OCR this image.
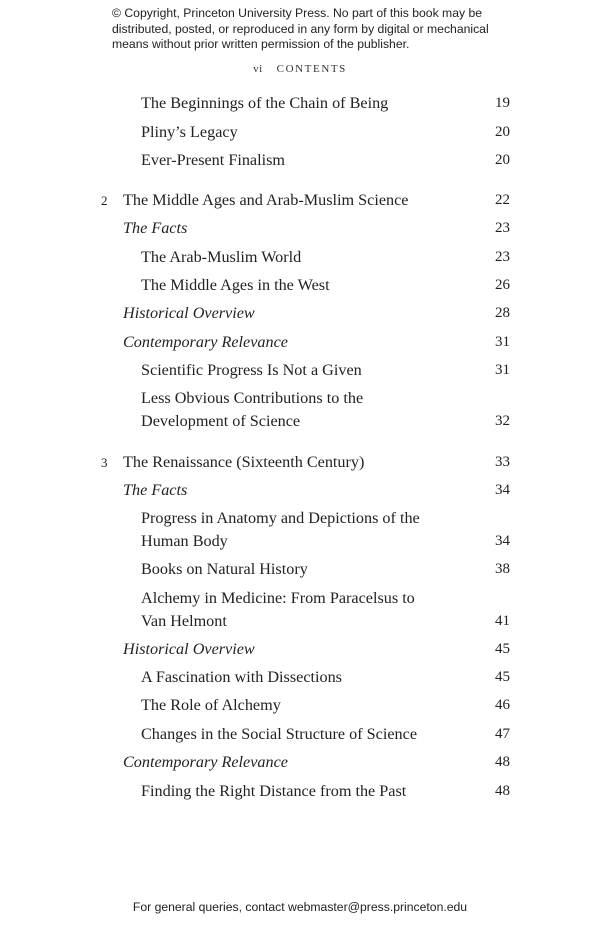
© Copyright, Princeton University Press. No part of this book may be
distributed, posted, or reproduced in any form by digital or mechanical
means without prior written permission of the publisher.
vi CONTENTS
The Beginnings of the Chain of Being	19
Pliny’s Legacy	20
Ever-Present Finalism	20
2 The Middle Ages and Arab-Muslim Science	22
The Facts	23
The Arab-Muslim World	23
The Middle Ages in the West	26
Historical Overview	28
Contemporary Relevance	31
Scientific Progress Is Not a Given	31
Less Obvious Contributions to the
Development of Science	32
3 The Renaissance (Sixteenth Century)	33
The Facts	34
Progress in Anatomy and Depictions of the
Human Body	34
Books on Natural History	38
Alchemy in Medicine: From Paracelsus to
Van Helmont	41
Historical Overview	45
A Fascination with Dissections	45
The Role of Alchemy	46
Changes in the Social Structure of Science	47
Contemporary Relevance	48
Finding the Right Distance from the Past	48
For general queries, contact webmaster@press.princeton.edu
